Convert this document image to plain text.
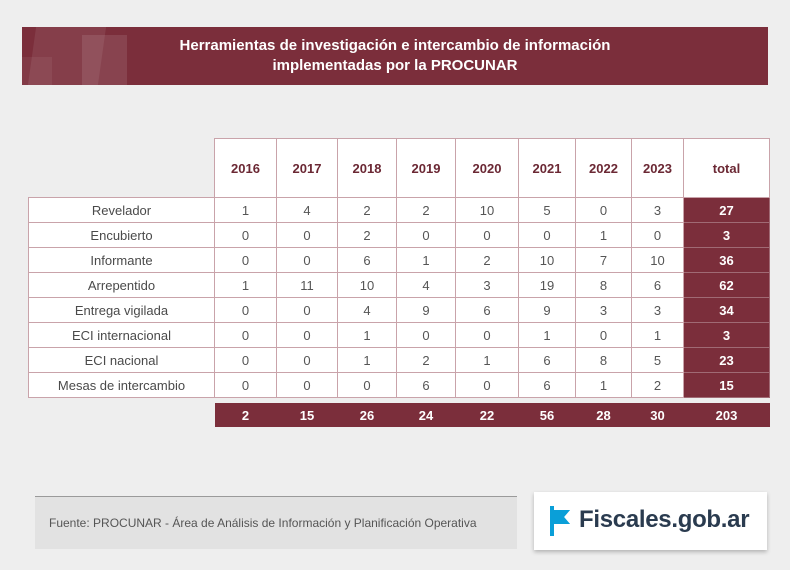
Herramientas de investigación e intercambio de información
implementadas por la PROCUNAR
	2016	2017	2018	2019	2020	2021	2022	2023	total
Revelador	1	4	2	2	10	5	0	3	27
Encubierto	0	0	2	0	0	0	1	0	3
Informante	0	0	6	1	2	10	7	10	36
Arrepentido	1	11	10	4	3	19	8	6	62
Entrega vigilada	0	0	4	9	6	9	3	3	34
ECI internacional	0	0	1	0	0	1	0	1	3
ECI nacional	0	0	1	2	1	6	8	5	23
Mesas de intercambio	0	0	0	6	0	6	1	2	15

	2	15	26	24	22	56	28	30	203
Fuente: PROCUNAR - Área de Análisis de Información y Planificación Operativa	Fiscales.gob.ar
